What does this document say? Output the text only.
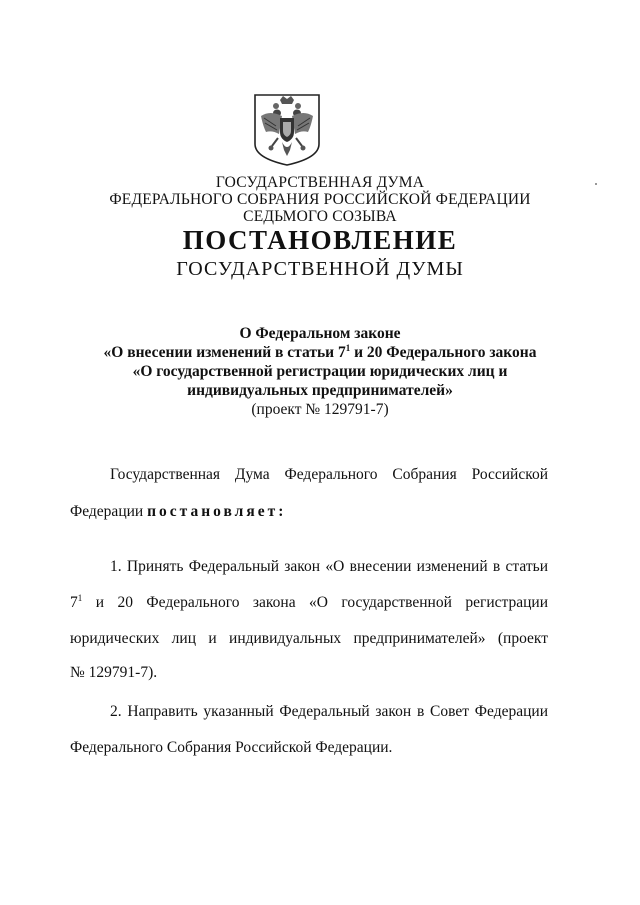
ГОСУДАРСТВЕННАЯ ДУМА
ФЕДЕРАЛЬНОГО СОБРАНИЯ РОССИЙСКОЙ ФЕДЕРАЦИИ
СЕДЬМОГО СОЗЫВА
ПОСТАНОВЛЕНИЕ
ГОСУДАРСТВЕННОЙ ДУМЫ
О Федеральном законе
«О внесении изменений в статьи $7^1$ и 20 Федерального закона
«О государственной регистрации юридических лиц и
индивидуальных предпринимателей»
(проект № 129791-7)
Государственная Дума Федерального Собрания Российской
Федерации постановляет:
1. Принять Федеральный закон «О внесении изменений в статьи
$7^1$ и 20 Федерального закона «О государственной регистрации
юридических лиц и индивидуальных предпринимателей» (проект
№ 129791-7).
2. Направить указанный Федеральный закон в Совет Федерации
Федерального Собрания Российской Федерации.
